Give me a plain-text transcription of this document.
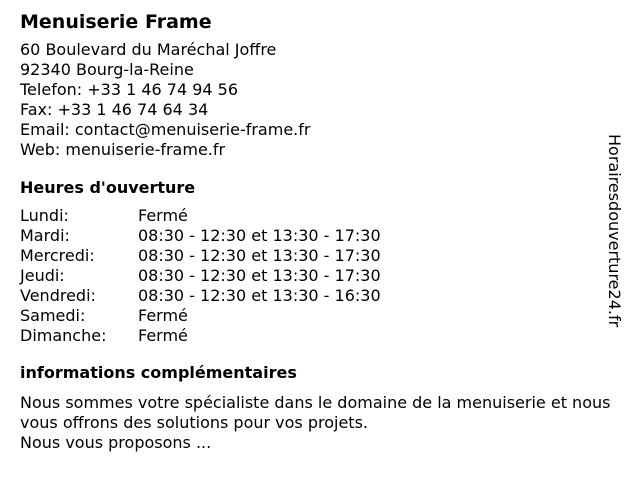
Menuiserie Frame
60 Boulevard du Maréchal Joffre
92340 Bourg-la-Reine
Telefon: +33 1 46 74 94 56
Fax: +33 1 46 74 64 34
Email: contact@menuiserie-frame.fr
Web: menuiserie-frame.fr
Heures d'ouverture
Lundi:	Fermé
Mardi:	08:30 - 12:30 et 13:30 - 17:30
Mercredi:	08:30 - 12:30 et 13:30 - 17:30
Jeudi:	08:30 - 12:30 et 13:30 - 17:30
Vendredi:	08:30 - 12:30 et 13:30 - 16:30
Samedi:	Fermé
Dimanche:	Fermé
informations complémentaires
Nous sommes votre spécialiste dans le domaine de la menuiserie et nous vous offrons des solutions pour vos projets.
Nous vous proposons ...
Horairesdouverture24.fr
